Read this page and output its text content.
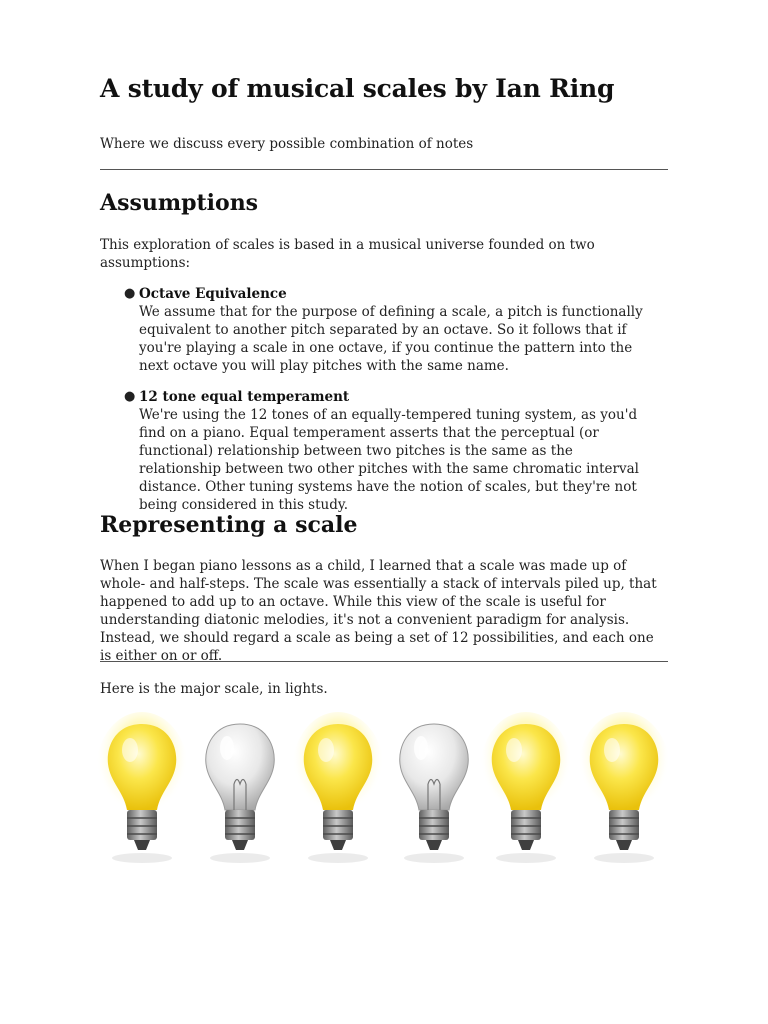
A study of musical scales by Ian Ring

Where we discuss every possible combination of notes

Assumptions

This exploration of scales is based in a musical universe founded on two assumptions:

● Octave Equivalence
We assume that for the purpose of defining a scale, a pitch is functionally equivalent to another pitch separated by an octave. So it follows that if you're playing a scale in one octave, if you continue the pattern into the next octave you will play pitches with the same name.
● 12 tone equal temperament
We're using the 12 tones of an equally-tempered tuning system, as you'd find on a piano. Equal temperament asserts that the perceptual (or functional) relationship between two pitches is the same as the relationship between two other pitches with the same chromatic interval distance. Other tuning systems have the notion of scales, but they're not being considered in this study.
Representing a scale

When I began piano lessons as a child, I learned that a scale was made up of whole- and half-steps. The scale was essentially a stack of intervals piled up, that happened to add up to an octave. While this view of the scale is useful for understanding diatonic melodies, it's not a convenient paradigm for analysis. Instead, we should regard a scale as being a set of 12 possibilities, and each one is either on or off.

Here is the major scale, in lights.
